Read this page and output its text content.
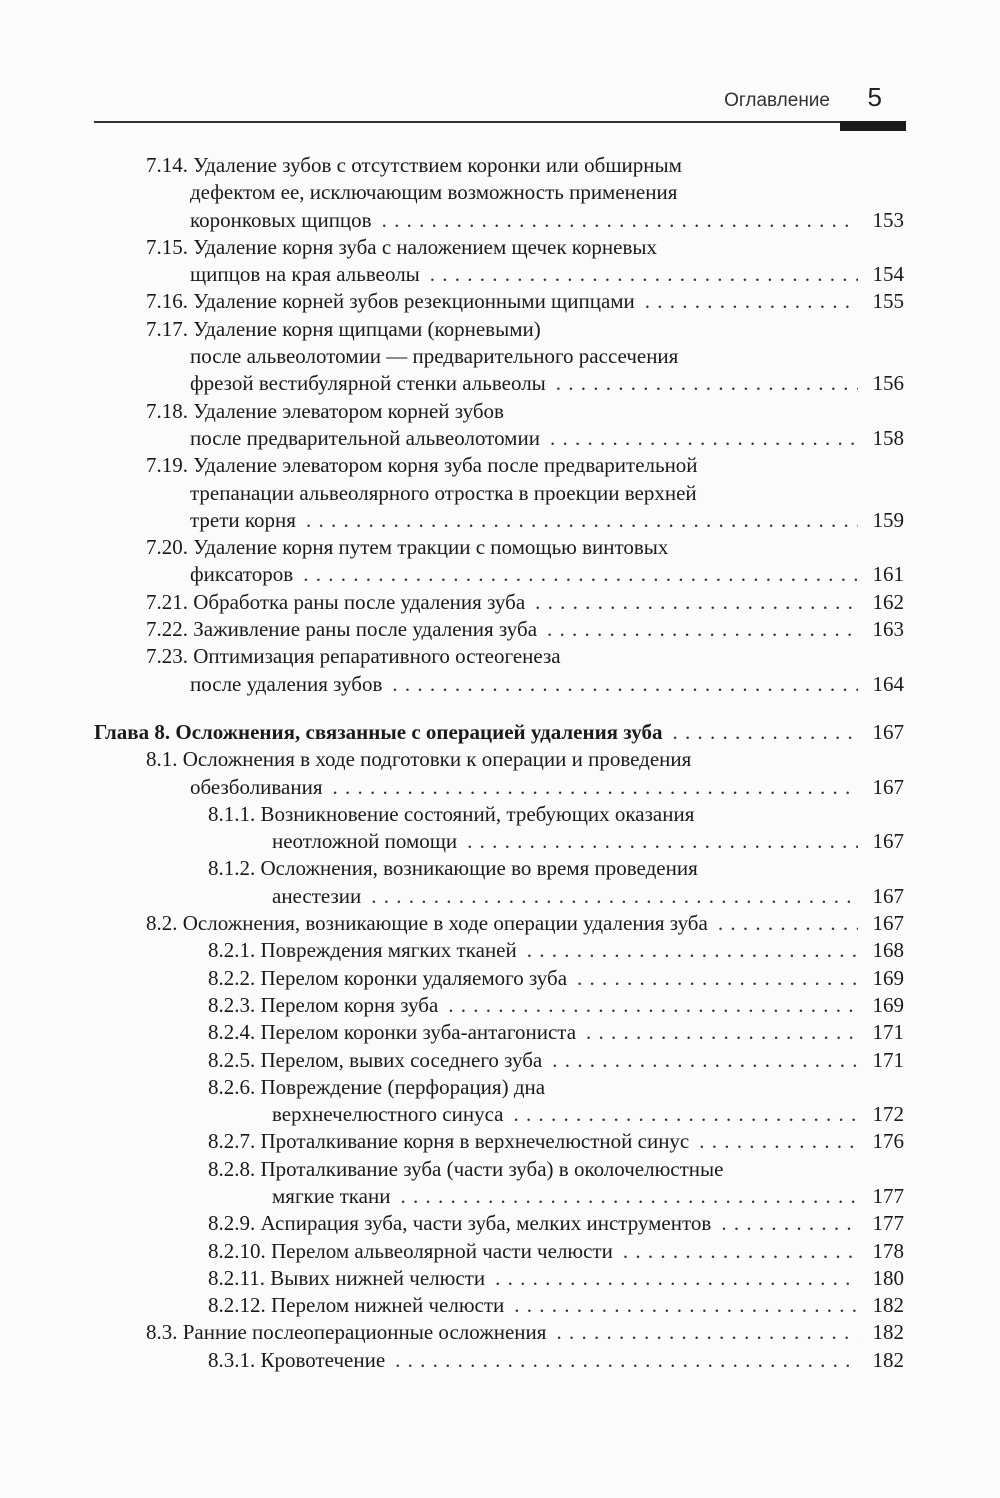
Оглавление 5
7.14. Удаление зубов с отсутствием коронки или обширным
дефектом ее, исключающим возможность применения
коронковых щипцов . . .	153
7.15. Удаление корня зуба с наложением щечек корневых
щипцов на края альвеолы . . .	154
7.16. Удаление корней зубов резекционными щипцами . . .	155
7.17. Удаление корня щипцами (корневыми)
после альвеолотомии — предварительного рассечения
фрезой вестибулярной стенки альвеолы . . .	156
7.18. Удаление элеватором корней зубов
после предварительной альвеолотомии . . .	158
7.19. Удаление элеватором корня зуба после предварительной
трепанации альвеолярного отростка в проекции верхней
трети корня . . .	159
7.20. Удаление корня путем тракции с помощью винтовых
фиксаторов . . .	161
7.21. Обработка раны после удаления зуба . . .	162
7.22. Заживление раны после удаления зуба . . .	163
7.23. Оптимизация репаративного остеогенеза
после удаления зубов . . .	164
Глава 8. Осложнения, связанные с операцией удаления зуба . . .	167
8.1. Осложнения в ходе подготовки к операции и проведения
обезболивания . . .	167
8.1.1. Возникновение состояний, требующих оказания
неотложной помощи . . .	167
8.1.2. Осложнения, возникающие во время проведения
анестезии . . .	167
8.2. Осложнения, возникающие в ходе операции удаления зуба . . .	167
8.2.1. Повреждения мягких тканей . . .	168
8.2.2. Перелом коронки удаляемого зуба . . .	169
8.2.3. Перелом корня зуба . . .	169
8.2.4. Перелом коронки зуба-антагониста . . .	171
8.2.5. Перелом, вывих соседнего зуба . . .	171
8.2.6. Повреждение (перфорация) дна
верхнечелюстного синуса . . .	172
8.2.7. Проталкивание корня в верхнечелюстной синус . . .	176
8.2.8. Проталкивание зуба (части зуба) в околочелюстные
мягкие ткани . . .	177
8.2.9. Аспирация зуба, части зуба, мелких инструментов . . .	177
8.2.10. Перелом альвеолярной части челюсти . . .	178
8.2.11. Вывих нижней челюсти . . .	180
8.2.12. Перелом нижней челюсти . . .	182
8.3. Ранние послеоперационные осложнения . . .	182
8.3.1. Кровотечение . . .	182
